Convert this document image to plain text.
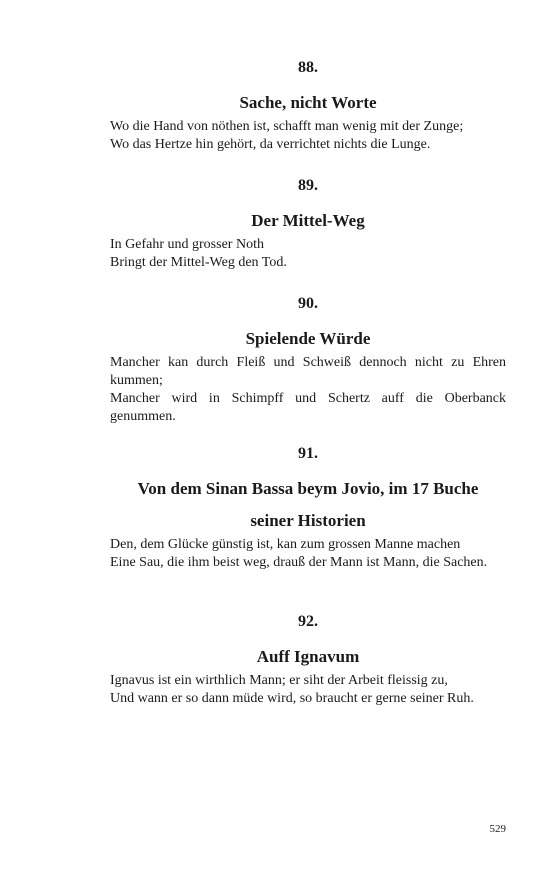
88.

Sache, nicht Worte

Wo die Hand von nöthen ist, schafft man wenig mit der Zunge;
Wo das Hertze hin gehört, da verrichtet nichts die Lunge.

89.

Der Mittel-Weg

In Gefahr und grosser Noth
Bringt der Mittel-Weg den Tod.

90.

Spielende Würde

Mancher kan durch Fleiß und Schweiß dennoch nicht zu Ehren kummen;
Mancher wird in Schimpff und Schertz auff die Oberbanck genummen.

91.

Von dem Sinan Bassa beym Jovio, im 17 Buche

seiner Historien

Den, dem Glücke günstig ist, kan zum grossen Manne machen
Eine Sau, die ihm beist weg, drauß der Mann ist Mann, die Sachen.

92.

Auff Ignavum

Ignavus ist ein wirthlich Mann; er siht der Arbeit fleissig zu,
Und wann er so dann müde wird, so braucht er gerne seiner Ruh.
529
